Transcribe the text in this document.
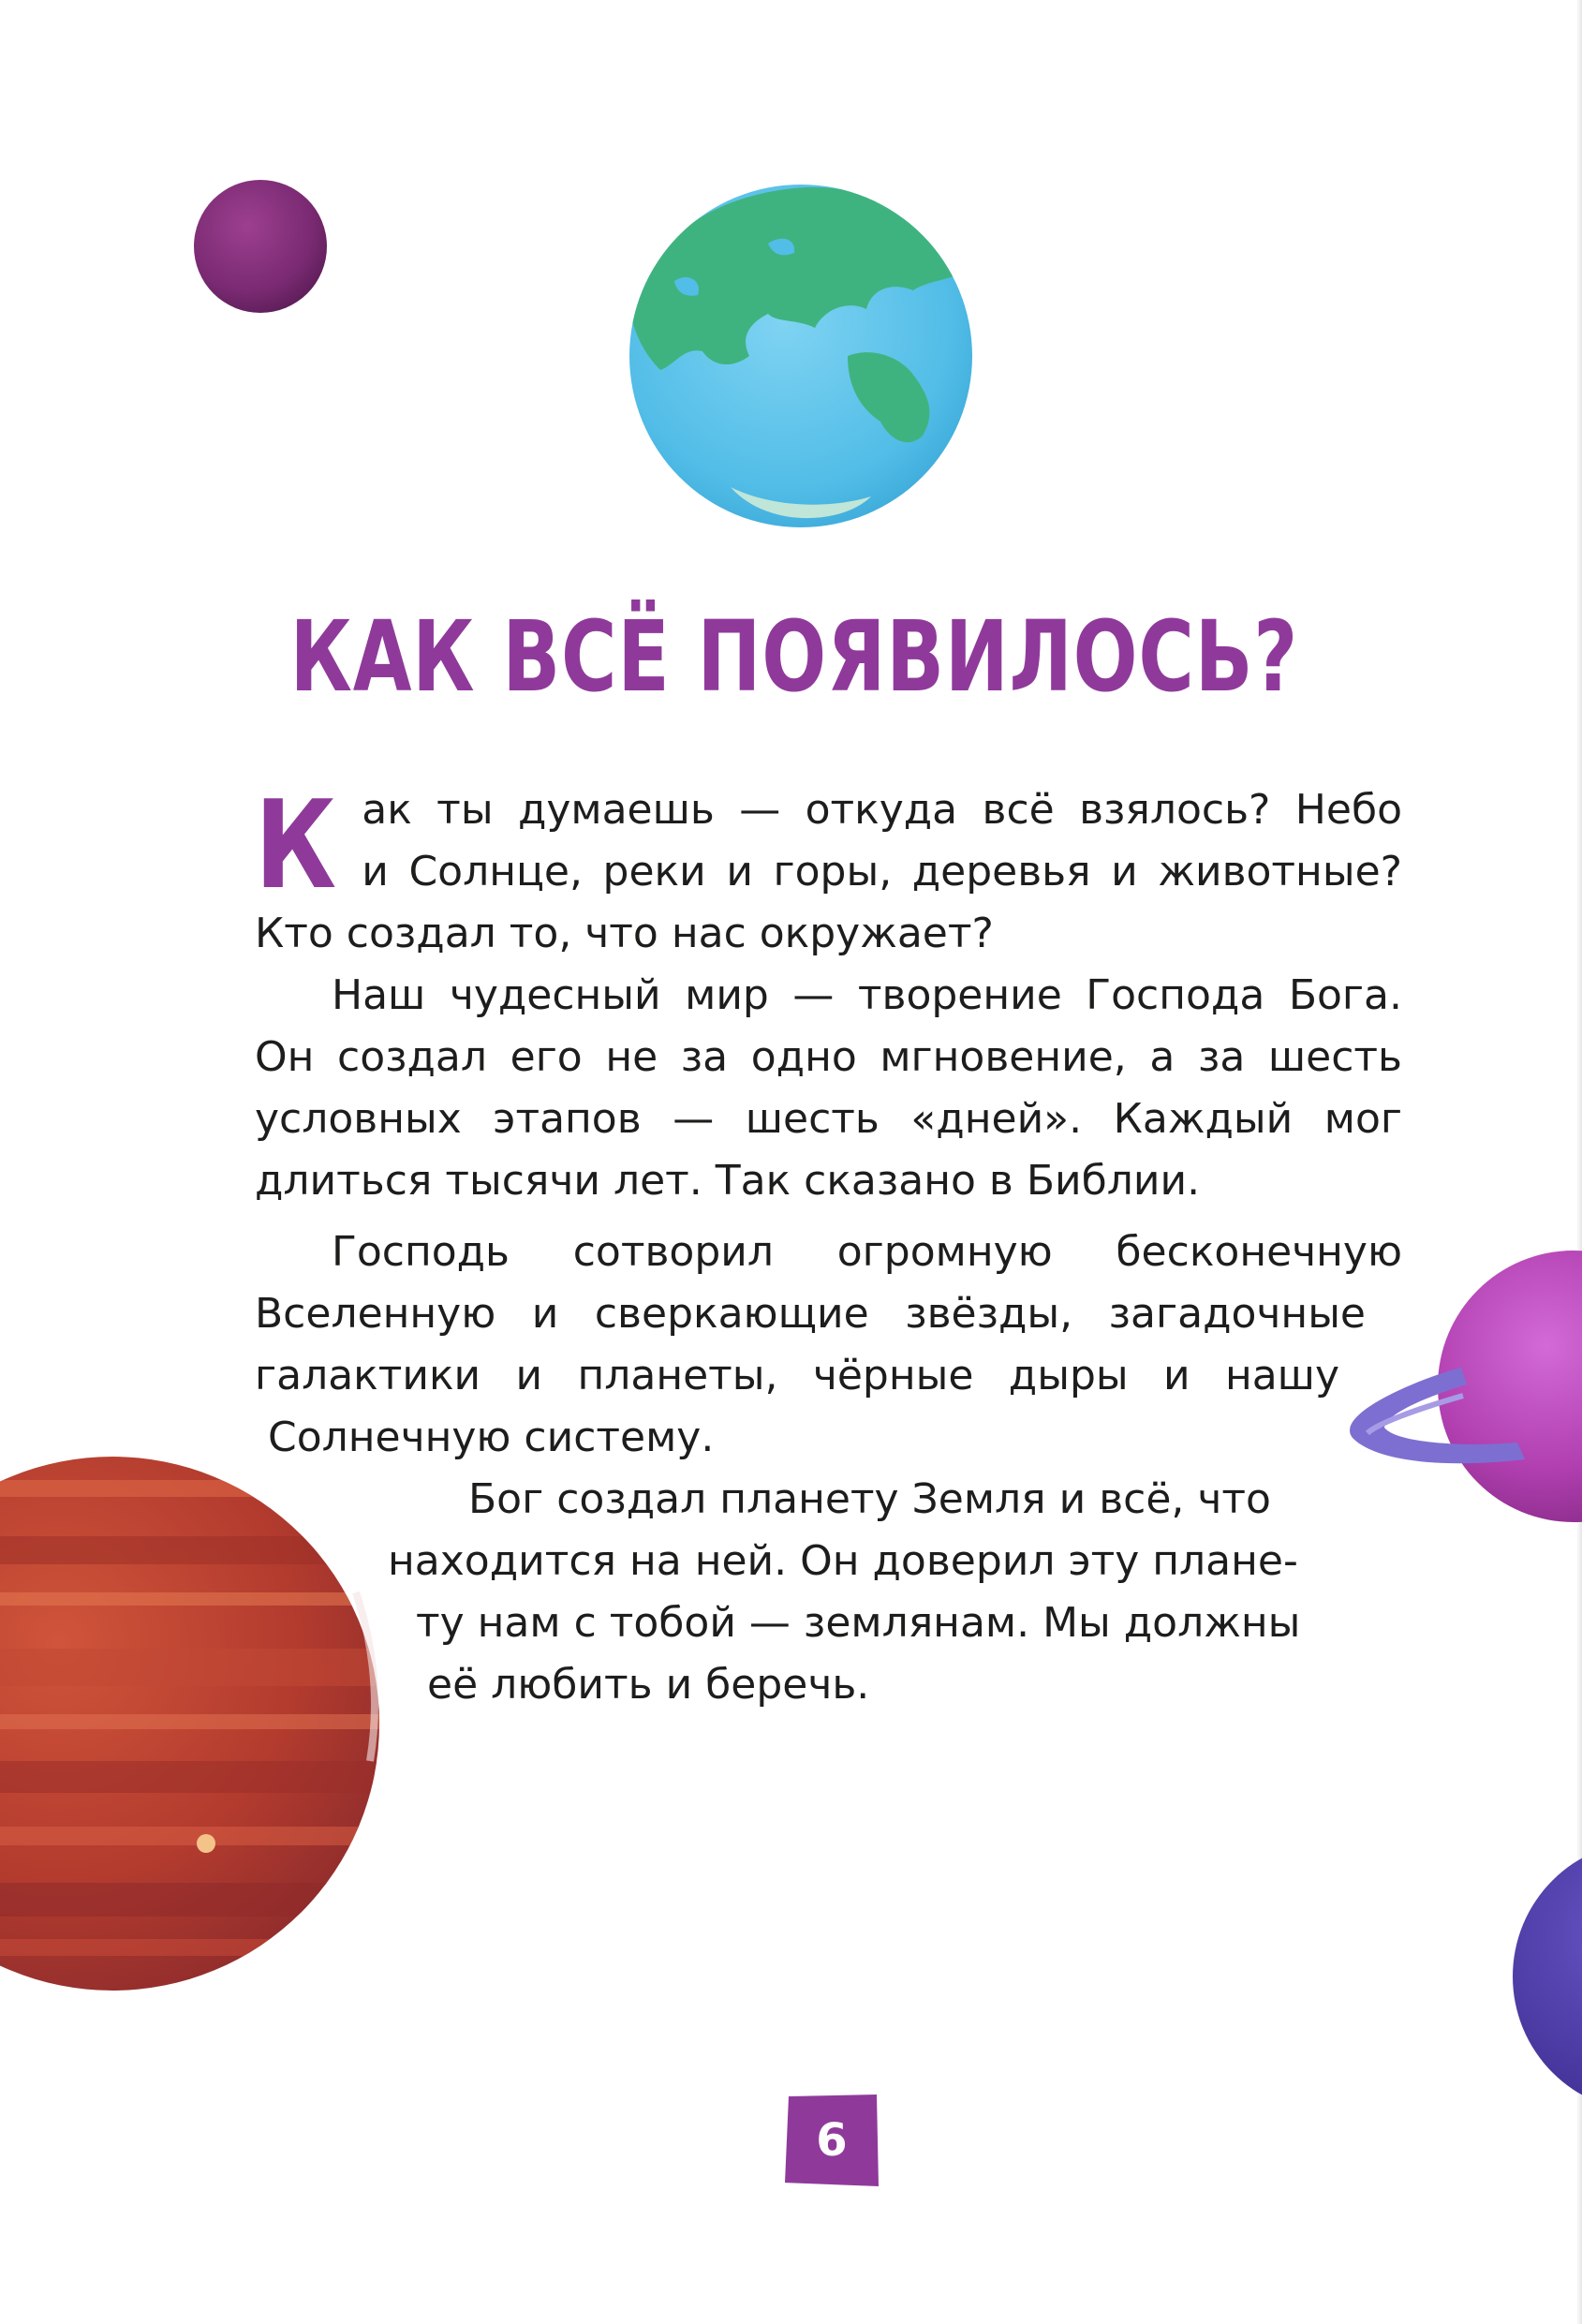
КАК ВСЁ ПОЯВИЛОСЬ?
К ак ты думаешь — откуда всё взялось? Небо
и Солнце, реки и горы, деревья и животные?
Кто создал то, что нас окружает?
Наш чудесный мир — творение Господа Бога.
Он создал его не за одно мгновение, а за шесть
условных этапов — шесть «дней». Каждый мог
длиться тысячи лет. Так сказано в Библии.
Господь сотворил огромную бесконечную
Вселенную и сверкающие звёзды, загадочные
галактики и планеты, чёрные дыры и нашу
Солнечную систему.
Бог создал планету Земля и всё, что
находится на ней. Он доверил эту плане-
ту нам с тобой — землянам. Мы должны
её любить и беречь.
6
